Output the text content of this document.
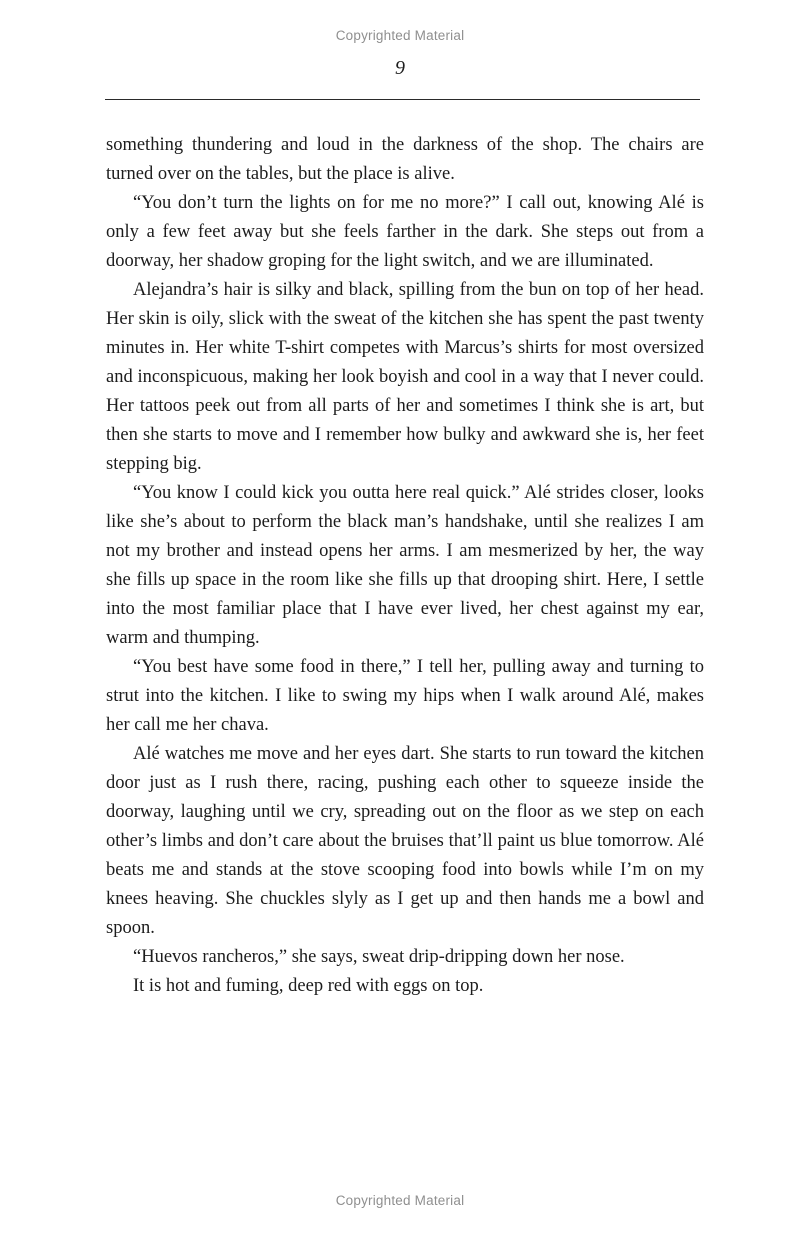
Copyrighted Material
9

something thundering and loud in the darkness of the shop. The chairs are turned over on the tables, but the place is alive.

“You don’t turn the lights on for me no more?” I call out, knowing Alé is only a few feet away but she feels farther in the dark. She steps out from a doorway, her shadow groping for the light switch, and we are illuminated.

Alejandra’s hair is silky and black, spilling from the bun on top of her head. Her skin is oily, slick with the sweat of the kitchen she has spent the past twenty minutes in. Her white T-shirt competes with Marcus’s shirts for most oversized and inconspicuous, making her look boyish and cool in a way that I never could. Her tattoos peek out from all parts of her and sometimes I think she is art, but then she starts to move and I remember how bulky and awkward she is, her feet stepping big.

“You know I could kick you outta here real quick.” Alé strides closer, looks like she’s about to perform the black man’s handshake, until she realizes I am not my brother and instead opens her arms. I am mesmerized by her, the way she fills up space in the room like she fills up that drooping shirt. Here, I settle into the most familiar place that I have ever lived, her chest against my ear, warm and thumping.

“You best have some food in there,” I tell her, pulling away and turning to strut into the kitchen. I like to swing my hips when I walk around Alé, makes her call me her chava.

Alé watches me move and her eyes dart. She starts to run toward the kitchen door just as I rush there, racing, pushing each other to squeeze inside the doorway, laughing until we cry, spreading out on the floor as we step on each other’s limbs and don’t care about the bruises that’ll paint us blue tomorrow. Alé beats me and stands at the stove scooping food into bowls while I’m on my knees heaving. She chuckles slyly as I get up and then hands me a bowl and spoon.

“Huevos rancheros,” she says, sweat drip-dripping down her nose.

It is hot and fuming, deep red with eggs on top.

Copyrighted Material
